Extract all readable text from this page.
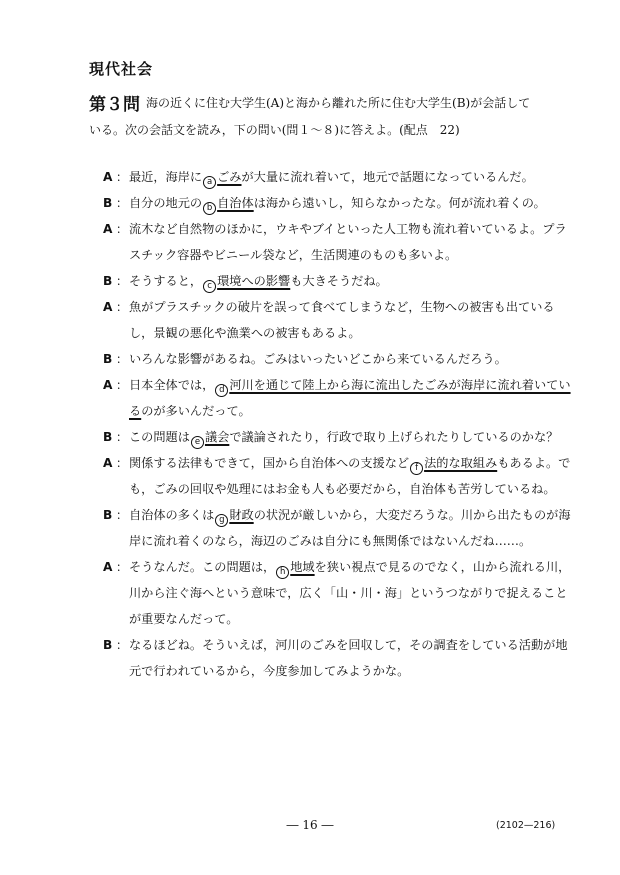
現代社会
第３問 海の近くに住む大学生(A)と海から離れた所に住む大学生(B)が会話して
いる。次の会話文を読み，下の問い(問１～８)に答えよ。(配点　22)
A ： 最近，海岸に a ごみが大量に流れ着いて，地元で話題になっているんだ。
B ： 自分の地元の b 自治体は海から遠いし，知らなかったな。何が流れ着くの。
A ： 流木など自然物のほかに，ウキやブイといった人工物も流れ着いているよ。プラスチック容器やビニール袋など，生活関連のものも多いよ。
B ： そうすると， c 環境への影響も大きそうだね。
A ： 魚がプラスチックの破片を誤って食べてしまうなど，生物への被害も出ているし，景観の悪化や漁業への被害もあるよ。
B ： いろんな影響があるね。ごみはいったいどこから来ているんだろう。
A ： 日本全体では， d 河川を通じて陸上から海に流出したごみが海岸に流れ着いているのが多いんだって。
B ： この問題は e 議会で議論されたり，行政で取り上げられたりしているのかな？
A ： 関係する法律もできて，国から自治体への支援など f 法的な取組みもあるよ。でも，ごみの回収や処理にはお金も人も必要だから，自治体も苦労しているね。
B ： 自治体の多くは g 財政の状況が厳しいから，大変だろうな。川から出たものが海岸に流れ着くのなら，海辺のごみは自分にも無関係ではないんだね……。
A ： そうなんだ。この問題は， h 地域を狭い視点で見るのでなく，山から流れる川，川から注ぐ海へという意味で，広く「山・川・海」というつながりで捉えることが重要なんだって。
B ： なるほどね。そういえば，河川のごみを回収して，その調査をしている活動が地元で行われているから，今度参加してみようかな。
― 16 ―	(2102—216)
